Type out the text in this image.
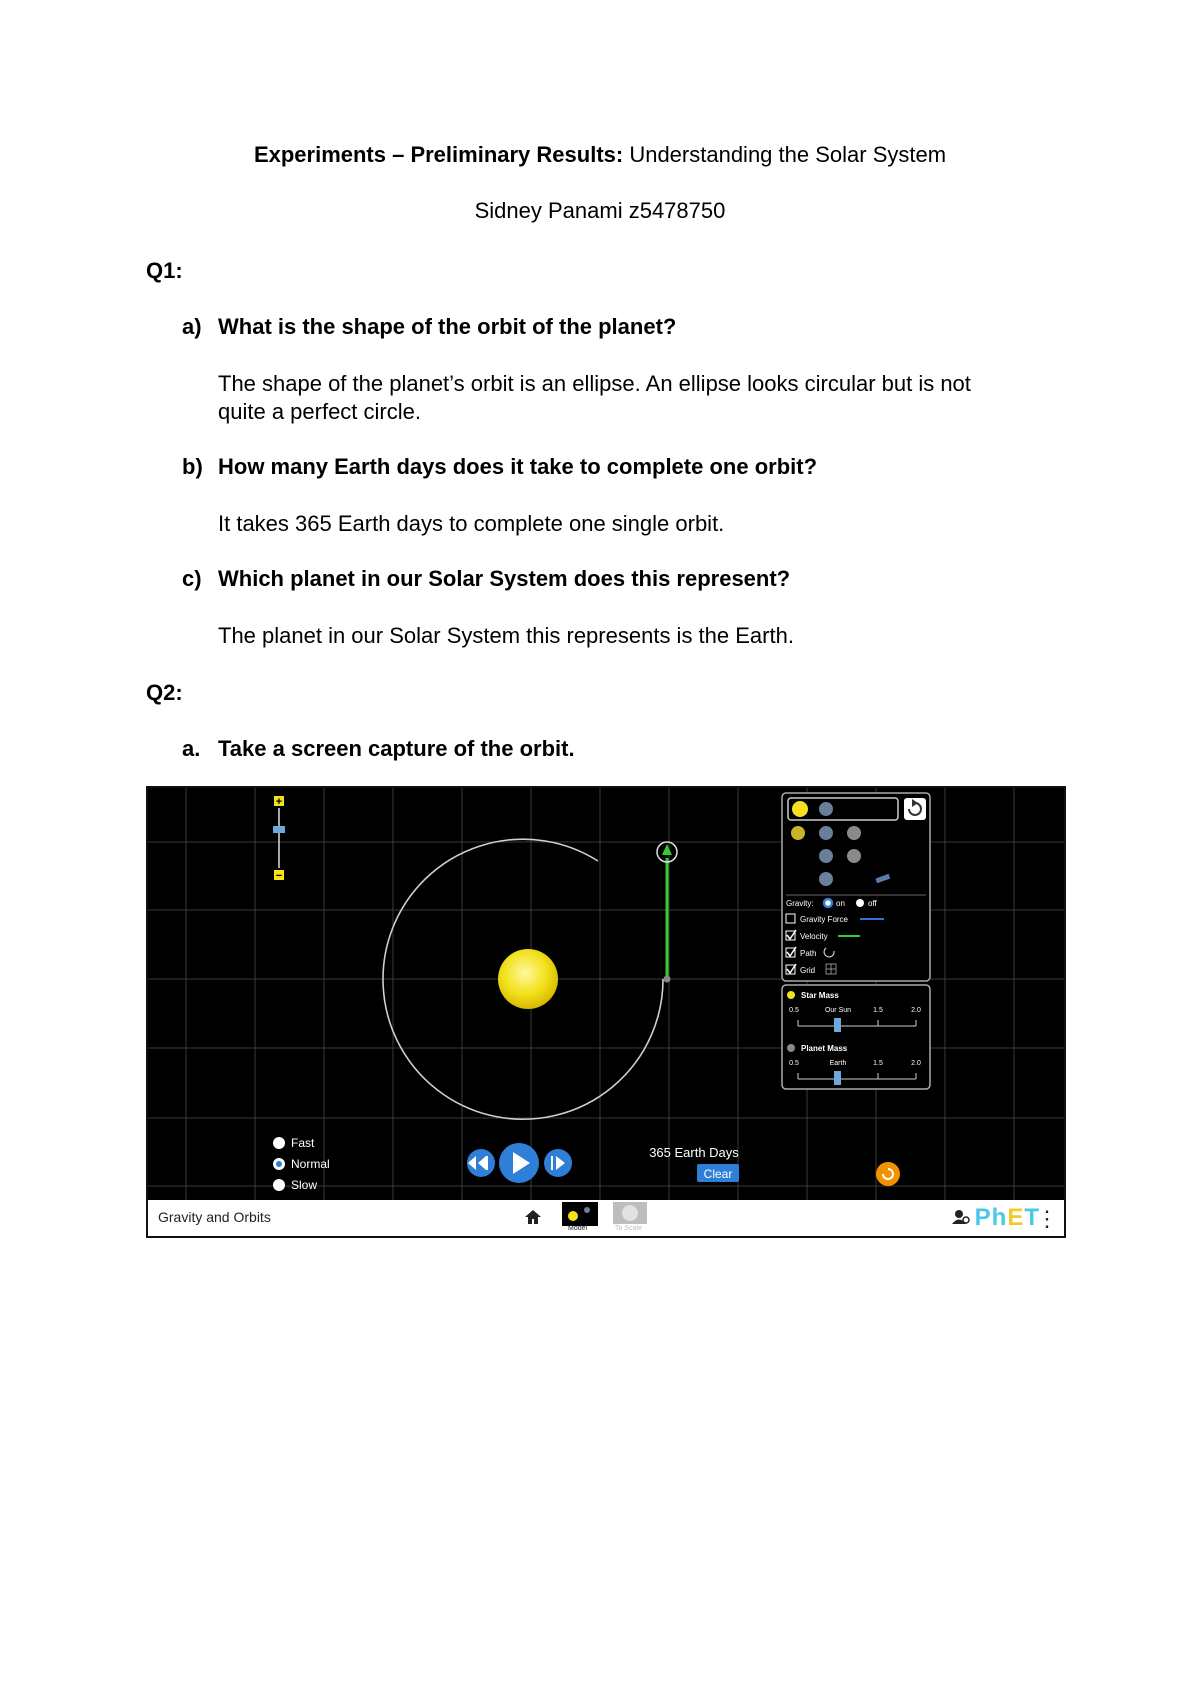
Experiments – Preliminary Results: Understanding the Solar System
Sidney Panami z5478750
Q1:
a) What is the shape of the orbit of the planet?
The shape of the planet’s orbit is an ellipse. An ellipse looks circular but is not
quite a perfect circle.
b) How many Earth days does it take to complete one orbit?
It takes 365 Earth days to complete one single orbit.
c) Which planet in our Solar System does this represent?
The planet in our Solar System this represents is the Earth.
Q2:
a. Take a screen capture of the orbit.
+
−
Gravity:	on	off
Gravity Force
Velocity
Path
Grid
Star Mass
0.5	Our Sun	1.5	2.0
Planet Mass
0.5	Earth	1.5	2.0
Fast
Normal
Slow
365 Earth Days
Clear
Gravity and Orbits
Model	To Scale	PhET
⋮
